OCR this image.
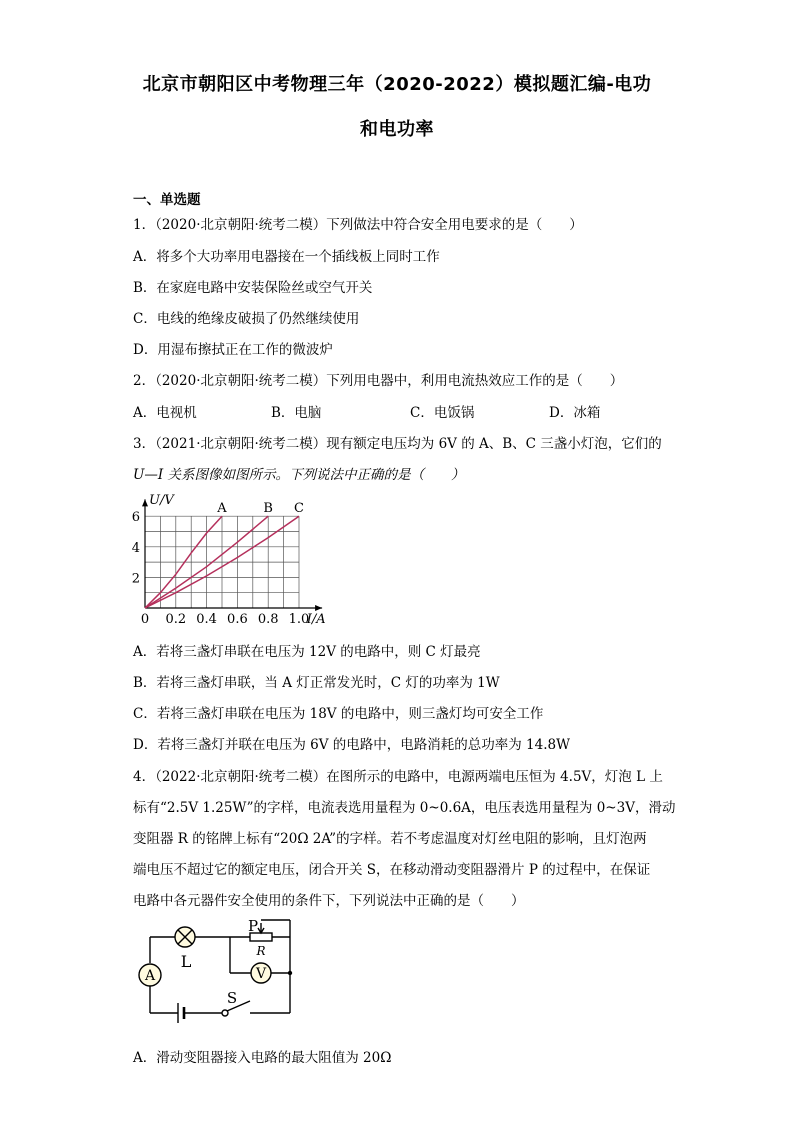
北京市朝阳区中考物理三年（2020-2022）模拟题汇编-电功
和电功率
一、单选题
1．（2020·北京朝阳·统考二模）下列做法中符合安全用电要求的是（　　）
A．将多个大功率用电器接在一个插线板上同时工作
B．在家庭电路中安装保险丝或空气开关
C．电线的绝缘皮破损了仍然继续使用
D．用湿布擦拭正在工作的微波炉
2．（2020·北京朝阳·统考二模）下列用电器中，利用电流热效应工作的是（　　）
A．电视机	B．电脑	C．电饭锅	D．冰箱
3．（2021·北京朝阳·统考二模）现有额定电压均为 6V 的 A、B、C 三盏小灯泡，它们的
U—I 关系图像如图所示。下列说法中正确的是（　　）
A	B C
0 0.2 0.4 0.6 0.8 1.0
2
4
6
I/A
U/V
A．若将三盏灯串联在电压为 12V 的电路中，则 C 灯最亮
B．若将三盏灯串联，当 A 灯正常发光时，C 灯的功率为 1W
C．若将三盏灯串联在电压为 18V 的电路中，则三盏灯均可安全工作
D．若将三盏灯并联在电压为 6V 的电路中，电路消耗的总功率为 14.8W
4．（2022·北京朝阳·统考二模）在图所示的电路中，电源两端电压恒为 4.5V，灯泡 L 上
标有“2.5V 1.25W”的字样，电流表选用量程为 0~0.6A，电压表选用量程为 0~3V，滑动
变阻器 R 的铭牌上标有“20Ω 2A”的字样。若不考虑温度对灯丝电阻的影响，且灯泡两
端电压不超过它的额定电压，闭合开关 S，在移动滑动变阻器滑片 P 的过程中，在保证
电路中各元器件安全使用的条件下，下列说法中正确的是（　　）
L
A	V
P
R
S
A．滑动变阻器接入电路的最大阻值为 20Ω
